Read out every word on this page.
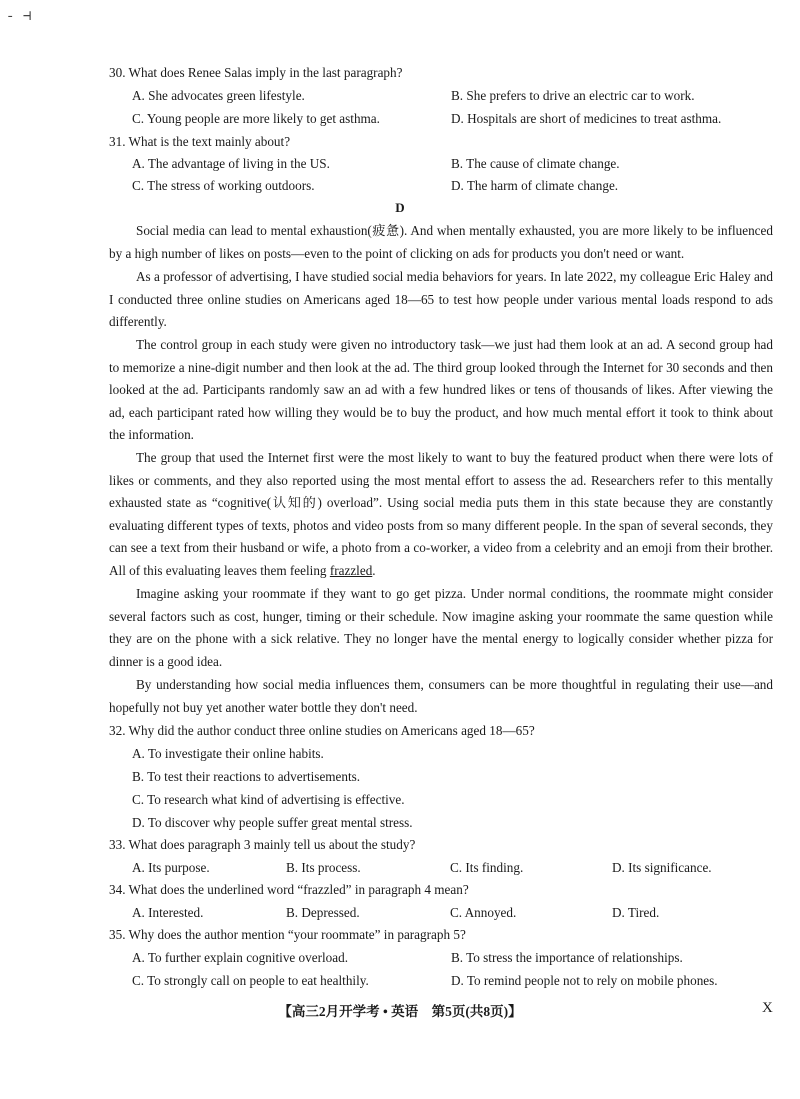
- ⊣
30. What does Renee Salas imply in the last paragraph?
A. She advocates green lifestyle.	B. She prefers to drive an electric car to work.
C. Young people are more likely to get asthma.	D. Hospitals are short of medicines to treat asthma.
31. What is the text mainly about?
A. The advantage of living in the US.	B. The cause of climate change.
C. The stress of working outdoors.	D. The harm of climate change.
D

Social media can lead to mental exhaustion(疲惫). And when mentally exhausted, you are more likely to be influenced by a high number of likes on posts—even to the point of clicking on ads for products you don't need or want.

As a professor of advertising, I have studied social media behaviors for years. In late 2022, my colleague Eric Haley and I conducted three online studies on Americans aged 18—65 to test how people under various mental loads respond to ads differently.

The control group in each study were given no introductory task—we just had them look at an ad. A second group had to memorize a nine-digit number and then look at the ad. The third group looked through the Internet for 30 seconds and then looked at the ad. Participants randomly saw an ad with a few hundred likes or tens of thousands of likes. After viewing the ad, each participant rated how willing they would be to buy the product, and how much mental effort it took to think about the information.

The group that used the Internet first were the most likely to want to buy the featured product when there were lots of likes or comments, and they also reported using the most mental effort to assess the ad. Researchers refer to this mentally exhausted state as “cognitive(认知的) overload”. Using social media puts them in this state because they are constantly evaluating different types of texts, photos and video posts from so many different people. In the span of several seconds, they can see a text from their husband or wife, a photo from a co-worker, a video from a celebrity and an emoji from their brother. All of this evaluating leaves them feeling frazzled.

Imagine asking your roommate if they want to go get pizza. Under normal conditions, the roommate might consider several factors such as cost, hunger, timing or their schedule. Now imagine asking your roommate the same question while they are on the phone with a sick relative. They no longer have the mental energy to logically consider whether pizza for dinner is a good idea.

By understanding how social media influences them, consumers can be more thoughtful in regulating their use—and hopefully not buy yet another water bottle they don't need.

32. Why did the author conduct three online studies on Americans aged 18—65?
A. To investigate their online habits.
B. To test their reactions to advertisements.
C. To research what kind of advertising is effective.
D. To discover why people suffer great mental stress.
33. What does paragraph 3 mainly tell us about the study?
A. Its purpose.	B. Its process.	C. Its finding.	D. Its significance.
34. What does the underlined word “frazzled” in paragraph 4 mean?
A. Interested.	B. Depressed.	C. Annoyed.	D. Tired.
35. Why does the author mention “your roommate” in paragraph 5?
A. To further explain cognitive overload.	B. To stress the importance of relationships.
C. To strongly call on people to eat healthily.	D. To remind people not to rely on mobile phones.
【高三2月开学考 • 英语　第5页(共8页)】	X
